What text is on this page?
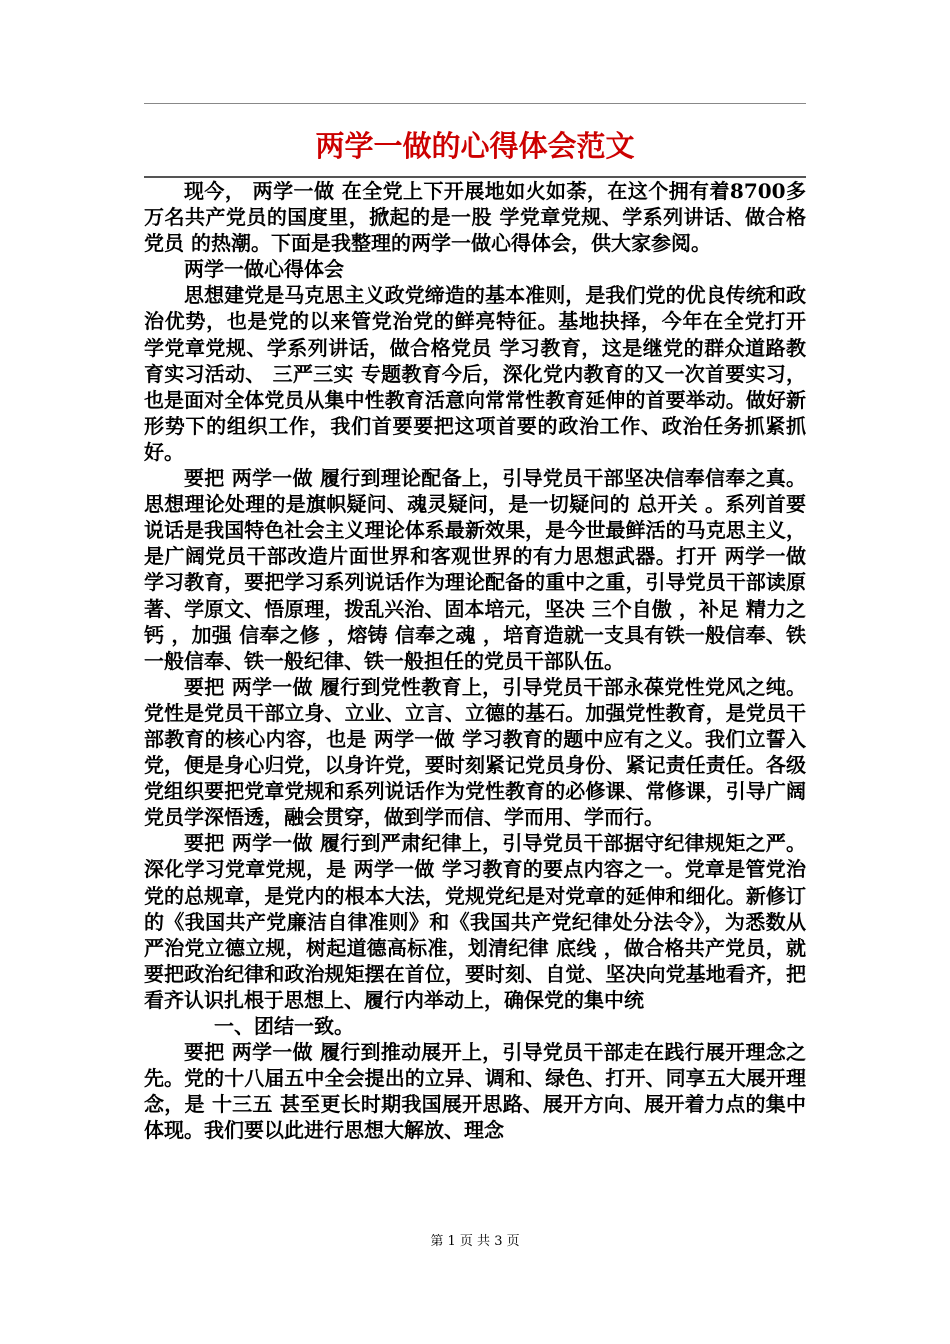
两学一做的心得体会范文

现今， 两学一做 在全党上下开展地如火如荼，在这个拥有着8700多万名共产党员的国度里，掀起的是一股 学党章党规、学系列讲话、做合格党员 的热潮。下面是我整理的两学一做心得体会，供大家参阅。

两学一做心得体会

思想建党是马克思主义政党缔造的基本准则，是我们党的优良传统和政治优势，也是党的以来管党治党的鲜亮特征。基地抉择，今年在全党打开 学党章党规、学系列讲话，做合格党员 学习教育，这是继党的群众道路教育实习活动、 三严三实 专题教育今后，深化党内教育的又一次首要实习，也是面对全体党员从集中性教育活意向常常性教育延伸的首要举动。做好新形势下的组织工作，我们首要要把这项首要的政治工作、政治任务抓紧抓好。

要把 两学一做 履行到理论配备上，引导党员干部坚决信奉信奉之真。思想理论处理的是旗帜疑问、魂灵疑问，是一切疑问的 总开关 。系列首要说话是我国特色社会主义理论体系最新效果，是今世最鲜活的马克思主义，是广阔党员干部改造片面世界和客观世界的有力思想武器。打开 两学一做 学习教育，要把学习系列说话作为理论配备的重中之重，引导党员干部读原著、学原文、悟原理，拨乱兴治、固本培元，坚决 三个自傲 ，补足 精力之钙 ，加强 信奉之修 ，熔铸 信奉之魂 ，培育造就一支具有铁一般信奉、铁一般信奉、铁一般纪律、铁一般担任的党员干部队伍。

要把 两学一做 履行到党性教育上，引导党员干部永葆党性党风之纯。党性是党员干部立身、立业、立言、立德的基石。加强党性教育，是党员干部教育的核心内容，也是 两学一做 学习教育的题中应有之义。我们立誓入党，便是身心归党，以身许党，要时刻紧记党员身份、紧记责任责任。各级党组织要把党章党规和系列说话作为党性教育的必修课、常修课，引导广阔党员学深悟透，融会贯穿，做到学而信、学而用、学而行。

要把 两学一做 履行到严肃纪律上，引导党员干部据守纪律规矩之严。深化学习党章党规，是 两学一做 学习教育的要点内容之一。党章是管党治党的总规章，是党内的根本大法，党规党纪是对党章的延伸和细化。新修订的《我国共产党廉洁自律准则》和《我国共产党纪律处分法令》，为悉数从严治党立德立规，树起道德高标准，划清纪律 底线 ，做合格共产党员，就要把政治纪律和政治规矩摆在首位，要时刻、自觉、坚决向党基地看齐，把看齐认识扎根于思想上、履行内举动上，确保党的集中统

一、团结一致。

要把 两学一做 履行到推动展开上，引导党员干部走在践行展开理念之先。党的十八届五中全会提出的立异、调和、绿色、打开、同享五大展开理念，是 十三五 甚至更长时期我国展开思路、展开方向、展开着力点的集中体现。我们要以此进行思想大解放、理念

第 1 页 共 3 页
